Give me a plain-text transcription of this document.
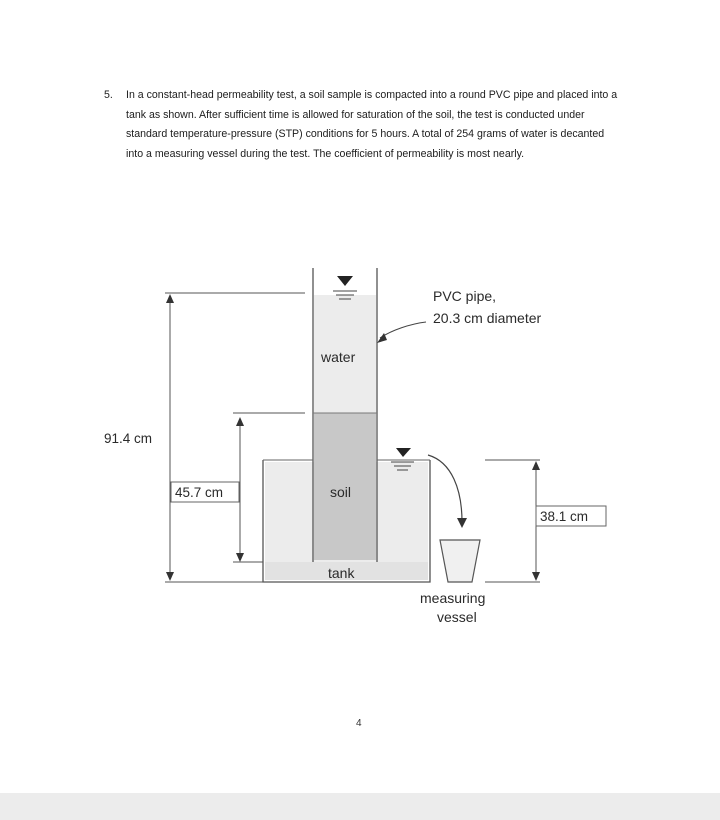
5. In a constant-head permeability test, a soil sample is compacted into a round PVC pipe and placed into a tank as shown. After sufficient time is allowed for saturation of the soil, the test is conducted under standard temperature-pressure (STP) conditions for 5 hours. A total of 254 grams of water is decanted into a measuring vessel during the test. The coefficient of permeability is most nearly.
91.4 cm
45.7 cm
38.1 cm
water
soil
tank
PVC pipe,
20.3 cm diameter
measuring
vessel
4
